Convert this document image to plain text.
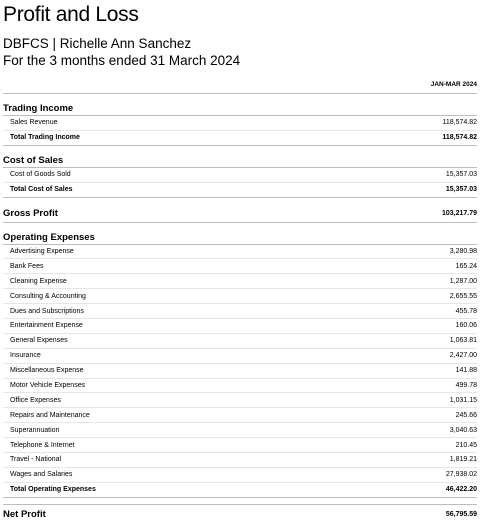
Profit and Loss
DBFCS | Richelle Ann Sanchez
For the 3 months ended 31 March 2024
JAN-MAR 2024
Trading Income
Sales Revenue	118,574.82
Total Trading Income	118,574.82
Cost of Sales
Cost of Goods Sold	15,357.03
Total Cost of Sales	15,357.03
Gross Profit	103,217.79
Operating Expenses
Advertising Expense	3,280.98
Bank Fees	165.24
Cleaning Expense	1,287.00
Consulting & Accounting	2,655.55
Dues and Subscriptions	455.78
Entertainment Expense	160.06
General Expenses	1,063.81
Insurance	2,427.00
Miscellaneous Expense	141.88
Motor Vehicle Expenses	499.78
Office Expenses	1,031.15
Repairs and Maintenance	245.66
Superannuation	3,040.63
Telephone & Internet	210.45
Travel - National	1,819.21
Wages and Salaries	27,938.02
Total Operating Expenses	46,422.20
Net Profit	56,795.59
